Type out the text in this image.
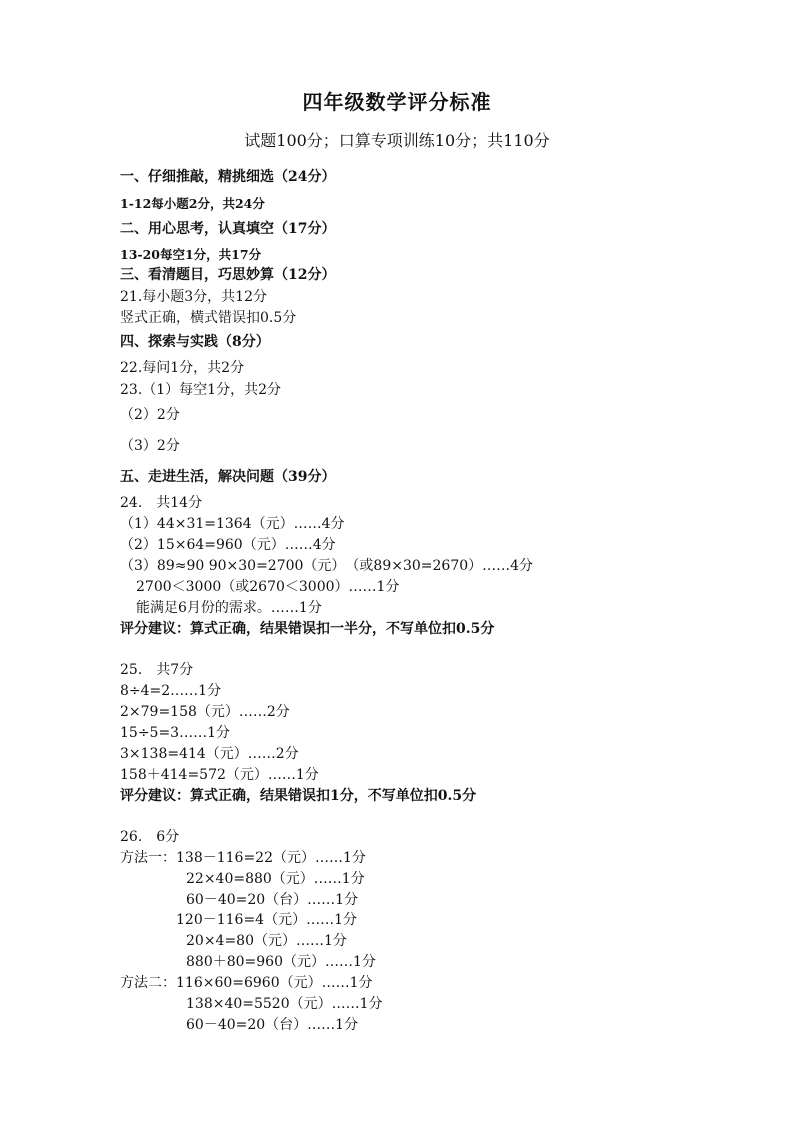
四年级数学评分标准
试题100分；口算专项训练10分；共110分
一、仔细推敲，精挑细选（24分）
1-12每小题2分，共24分
二、用心思考，认真填空（17分）
13-20每空1分，共17分
三、看清题目，巧思妙算（12分）
21.每小题3分，共12分
竖式正确，横式错误扣0.5分
四、探索与实践（8分）
22.每问1分，共2分
23.（1）每空1分，共2分
（2）2分
（3）2分
五、走进生活，解决问题（39分）
24.　共14分
（1）44×31=1364（元）……4分
（2）15×64=960（元）……4分
（3）89≈90 90×30=2700（元）　（或89×30=2670）……4分
2700＜3000（或2670＜3000）……1分
能满足6月份的需求。……1分
评分建议：算式正确，结果错误扣一半分，不写单位扣0.5分
25.　共7分
8÷4=2……1分
2×79=158（元）……2分
15÷5=3……1分
3×138=414（元）……2分
158＋414=572（元）……1分
评分建议：算式正确，结果错误扣1分，不写单位扣0.5分
26.　6分
方法一：138－116=22（元）……1分
22×40=880（元）……1分
60－40=20（台）……1分
120－116=4（元）……1分
20×4=80（元）……1分
880＋80=960（元）……1分
方法二：116×60=6960（元）……1分
138×40=5520（元）……1分
60－40=20（台）……1分
